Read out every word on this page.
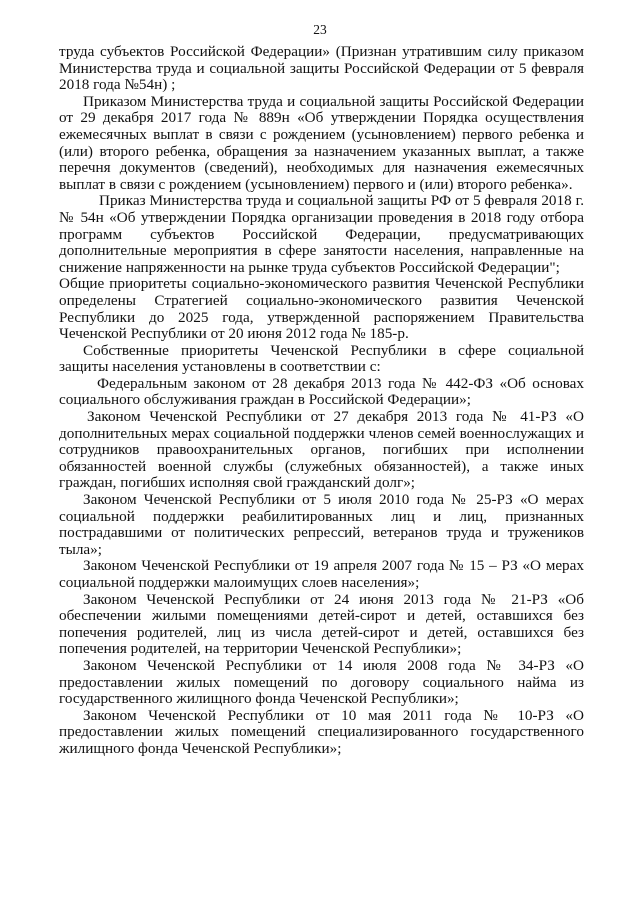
23

труда субъектов Российской Федерации» (Признан утратившим силу приказом Министерства труда и социальной защиты Российской Федерации от 5 февраля 2018 года №54н) ;

Приказом Министерства труда и социальной защиты Российской Федерации от 29 декабря 2017 года № 889н «Об утверждении Порядка осуществления ежемесячных выплат в связи с рождением (усыновлением) первого ребенка и (или) второго ребенка, обращения за назначением указанных выплат, а также перечня документов (сведений), необходимых для назначения ежемесячных выплат в связи с рождением (усыновлением) первого и (или) второго ребенка».

Приказ Министерства труда и социальной защиты РФ от 5 февраля 2018 г. № 54н «Об утверждении Порядка организации проведения в 2018 году отбора программ субъектов Российской Федерации, предусматривающих дополнительные мероприятия в сфере занятости населения, направленные на снижение напряженности на рынке труда субъектов Российской Федерации";

Общие приоритеты социально-экономического развития Чеченской Республики определены Стратегией социально-экономического развития Чеченской Республики до 2025 года, утвержденной распоряжением Правительства Чеченской Республики от 20 июня 2012 года № 185-р.

Собственные приоритеты Чеченской Республики в сфере социальной защиты населения установлены в соответствии с:

Федеральным законом от 28 декабря 2013 года № 442-ФЗ «Об основах социального обслуживания граждан в Российской Федерации»;

Законом Чеченской Республики от 27 декабря 2013 года № 41-РЗ «О дополнительных мерах социальной поддержки членов семей военнослужащих и сотрудников правоохранительных органов, погибших при исполнении обязанностей военной службы (служебных обязанностей), а также иных граждан, погибших исполняя свой гражданский долг»;

Законом Чеченской Республики от 5 июля 2010 года № 25-РЗ «О мерах социальной поддержки реабилитированных лиц и лиц, признанных пострадавшими от политических репрессий, ветеранов труда и тружеников тыла»;

Законом Чеченской Республики от 19 апреля 2007 года № 15 – РЗ «О мерах социальной поддержки малоимущих слоев населения»;

Законом Чеченской Республики от 24 июня 2013 года № 21-РЗ «Об обеспечении жилыми помещениями детей-сирот и детей, оставшихся без попечения родителей, лиц из числа детей-сирот и детей, оставшихся без попечения родителей, на территории Чеченской Республики»;

Законом Чеченской Республики от 14 июля 2008 года № 34-РЗ «О предоставлении жилых помещений по договору социального найма из государственного жилищного фонда Чеченской Республики»;

Законом Чеченской Республики от 10 мая 2011 года № 10-РЗ «О предоставлении жилых помещений специализированного государственного жилищного фонда Чеченской Республики»;
